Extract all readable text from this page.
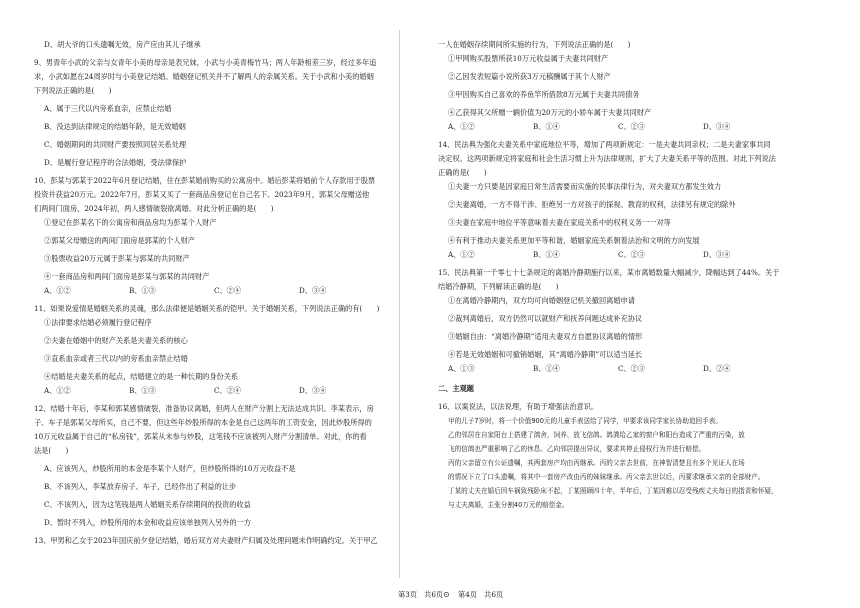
D、胡大爷的口头遗嘱无效，房产应由其儿子继承
9、男青年小武的父亲与女青年小美的母亲是表兄妹，小武与小美青梅竹马；两人年龄相差三岁，经过多年追
求，小武如愿在24周岁时与小美登记结婚。婚姻登记机关并不了解两人的亲属关系。关于小武和小美的婚姻
下列说法正确的是(　　)
A、属于三代以内旁系血亲，应禁止结婚
B、没达到法律规定的结婚年龄，是无效婚姻
C、婚姻期间的共同财产要按照同居关系处理
D、是履行登记程序的合法婚姻，受法律保护
10、彭某与郭某于2022年6月登记结婚，住在彭某婚前购买的公寓房中。婚后彭某将婚前个人存款用于股票
投资并获益20万元。2022年7月，彭某又买了一套商品房登记在自己名下。2023年9月，郭某父母赠送他
们两间门面房，2024年初，两人感情破裂欲离婚。对此分析正确的是(　　)
①登记在彭某名下的公寓房和商品房均为彭某个人财产
②郭某父母赠送的两间门面房是郭某的个人财产
③股票收益20万元属于彭某与郭某的共同财产
④一套商品房和两间门面房是彭某与郭某的共同财产
A、①②	B、①③	C、②④	D、③④
11、如果说爱情是婚姻关系的灵魂，那么法律便是婚姻关系的铠甲。关于婚姻关系，下列说法正确的有(　　)
①法律要求结婚必须履行登记程序
②夫妻在婚姻中的财产关系是夫妻关系的核心
③直系血亲或者三代以内的旁系血亲禁止结婚
④结婚是夫妻关系的起点，结婚建立的是一种长期的身份关系
A、①②	B、①③	C、②④	D、③④
12、结婚十年后，李某和郭某感情破裂，准备协议离婚，但两人在财产分割上无法达成共识。李某表示，房
子、车子是郭某父母所买，自己不要，但这些年炒股所得的本金是自己这两年的工资安金，因此炒股所得的
10万元收益属于自己的“私房钱”，郭某从未参与炒股，这笔钱不应该被列入财产分割清单。对此，你的看
法是(　　)
A、应该列入，炒股所用的本金是李某个人财产，但炒股所得的10万元收益不是
B、不该列入，李某放弃房子、车子，已经作出了利益的让步
C、不该列入，因为这笔钱是两人婚姻关系存续期间的投资的收益
D、暂时不列入，炒股所用的本金和收益应该单独列入另外的一方
13、甲男和乙女于2023年国庆前夕登记结婚，婚后双方对夫妻财产归属及处理问题未作明确约定。关于甲乙
一人在婚姻存续期间所实施的行为，下列说法正确的是(　　)
①甲网购买股票所获10万元收益属于夫妻共同财产
②乙因发表短篇小说所获3万元稿酬属于其个人财产
③甲因购买自己喜欢的养鱼竿所借款8万元属于夫妻共同债务
④乙获得其父所赠一辆价值为20万元的小轿车属于夫妻共同财产
A、①②	B、①④	C、②③	D、③④
14、民法典为强化夫妻关系中家庭地位平等，增加了两项新规定：一是夫妻共同亲权；二是夫妻家事共同
决定权。这两项新规定将家庭和社会生活习惯上升为法律规则，扩大了夫妻关系平等的范围。对此下列说法
正确的是(　　)
①夫妻一方只要是因家庭日常生活需要而实施的民事法律行为，对夫妻双方都发生效力
②夫妻离婚，一方不得干涉、拒绝另一方对孩子的探视、教育的权利，法律另有规定的除外
③夫妻在家庭中地位平等意味着夫妻在家庭关系中的权利义务一一对等
④有利于推动夫妻关系更加平等和谐，婚姻家庭关系朝着法治和文明的方向发展
A、①②	B、①④	C、②③	D、③④
15、民法典第一千零七十七条规定的离婚冷静期施行以来，某市离婚数量大幅减少，降幅达到了44%。关于
结婚冷静期，下列解读正确的是(　　)
①在离婚冷静期内，双方均可向婚姻登记机关撤回离婚申请
②裁判离婚后，双方仍然可以就财产和抚养问题达成补充协议
③婚姻自由：“离婚冷静期”适用夫妻双方自愿协议离婚的情形
④若是无效婚姻和可撤销婚姻，其“离婚冷静期”可以适当延长
A、①③	B、①④	C、②③	D、②④
二、主观题
16、以案说法，以法说理，有助于增强法治意识。
甲的儿子7岁时，将一个价值900元的儿童手表送给了同学，甲要求该同学家长协助追回手表。
乙的邻居在自家阳台上搭建了鸽舍，饲养、放飞信鸽。鸽粪给乙家的窗户和阳台造成了严重的污染，放
飞的信鸽也严重影响了乙的休息。乙向邻居提出异议，要求其停止侵权行为并进行赔偿。
丙的父亲留立有公证遗嘱，其两套房产均由丙继承。丙的父亲去世前，在神智清楚且有多个见证人在场
的情况下立了口头遗嘱，将其中一套房产改由丙的妹妹继承。丙父亲去世以后，丙要求继承父亲的全部财产。
丁某的丈夫在婚后因车祸致残卧床不起，丁某照顾四十年，半年后，丁某因难以忍受残疾丈夫每日的指责和怀疑，
与丈夫离婚，主张分割40万元的赔偿金。
第3页　共6页 ⊙ 第4页　共6页
